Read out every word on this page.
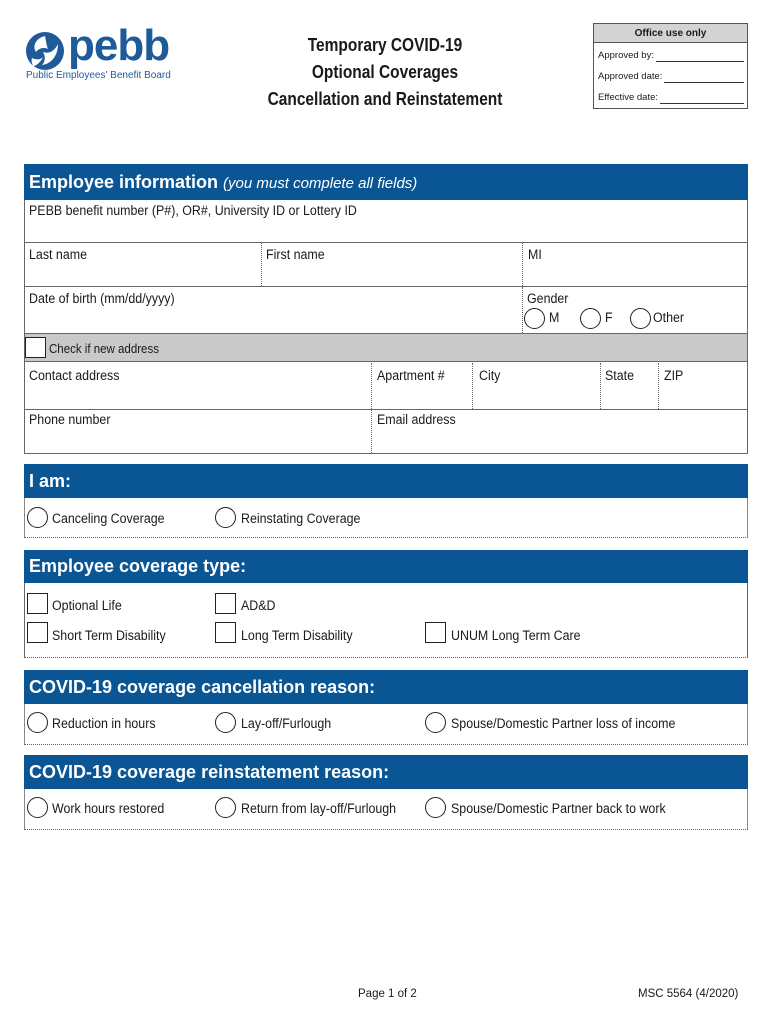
pebb
Public Employees' Benefit Board
Temporary COVID-19
Optional Coverages
Cancellation and Reinstatement
Office use only
Approved by:
Approved date:
Effective date:
Employee information (you must complete all fields)
PEBB benefit number (P#), OR#, University ID or Lottery ID
Last name	First name	MI
Date of birth (mm/dd/yyyy)	Gender
M	F	Other
Check if new address
Contact address	Apartment #	City	State ZIP
Phone number	Email address
I am:
Canceling Coverage	Reinstating Coverage
Employee coverage type:
Optional Life	AD&D
Short Term Disability	Long Term Disability	UNUM Long Term Care
COVID-19 coverage cancellation reason:
Reduction in hours	Lay-off/Furlough	Spouse/Domestic Partner loss of income
COVID-19 coverage reinstatement reason:
Work hours restored	Return from lay-off/Furlough	Spouse/Domestic Partner back to work
Page 1 of 2	MSC 5564 (4/2020)
